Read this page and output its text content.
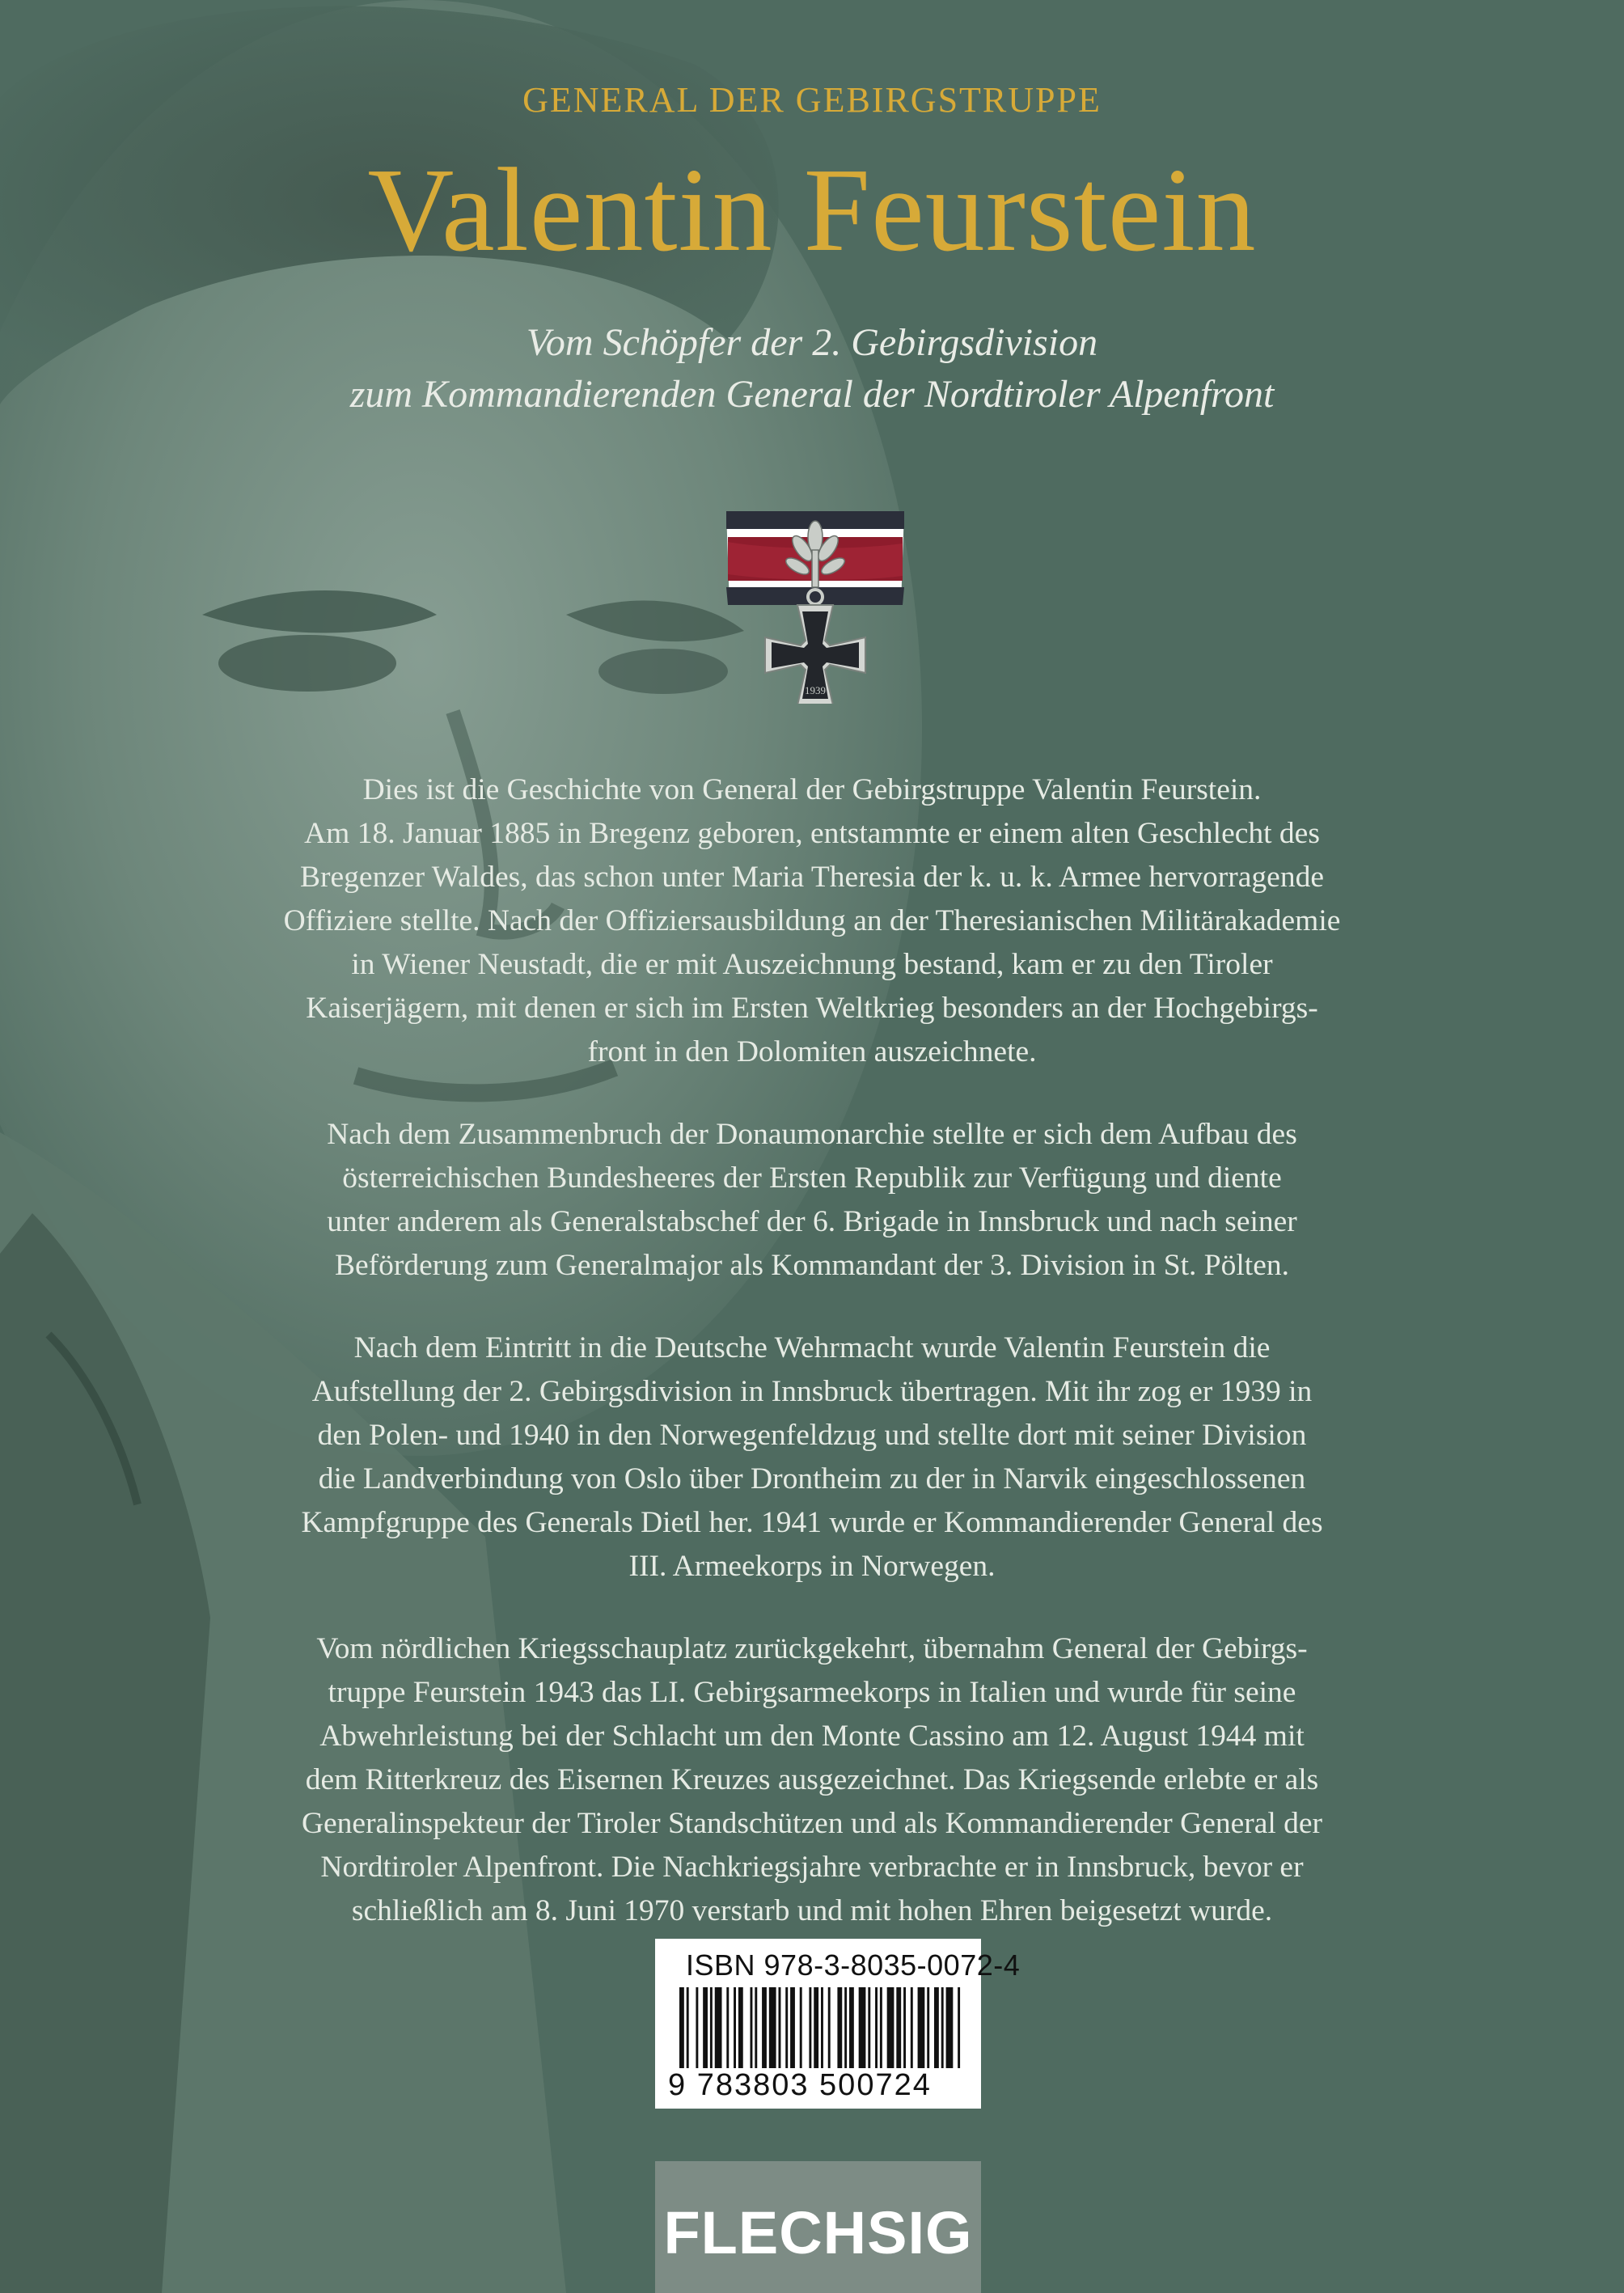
GENERAL DER GEBIRGSTRUPPE
Valentin Feurstein
Vom Schöpfer der 2. Gebirgsdivision
zum Kommandierenden General der Nordtiroler Alpenfront
1939
Dies ist die Geschichte von General der Gebirgstruppe Valentin Feurstein.
Am 18. Januar 1885 in Bregenz geboren, entstammte er einem alten Geschlecht des
Bregenzer Waldes, das schon unter Maria Theresia der k. u. k. Armee hervorragende
Offiziere stellte. Nach der Offiziersausbildung an der Theresianischen Militärakademie
in Wiener Neustadt, die er mit Auszeichnung bestand, kam er zu den Tiroler
Kaiserjägern, mit denen er sich im Ersten Weltkrieg besonders an der Hochgebirgs-
front in den Dolomiten auszeichnete.
Nach dem Zusammenbruch der Donaumonarchie stellte er sich dem Aufbau des
österreichischen Bundesheeres der Ersten Republik zur Verfügung und diente
unter anderem als Generalstabschef der 6. Brigade in Innsbruck und nach seiner
Beförderung zum Generalmajor als Kommandant der 3. Division in St. Pölten.
Nach dem Eintritt in die Deutsche Wehrmacht wurde Valentin Feurstein die
Aufstellung der 2. Gebirgsdivision in Innsbruck übertragen. Mit ihr zog er 1939 in
den Polen- und 1940 in den Norwegenfeldzug und stellte dort mit seiner Division
die Landverbindung von Oslo über Drontheim zu der in Narvik eingeschlossenen
Kampfgruppe des Generals Dietl her. 1941 wurde er Kommandierender General des
III. Armeekorps in Norwegen.
Vom nördlichen Kriegsschauplatz zurückgekehrt, übernahm General der Gebirgs-
truppe Feurstein 1943 das LI. Gebirgsarmeekorps in Italien und wurde für seine
Abwehrleistung bei der Schlacht um den Monte Cassino am 12. August 1944 mit
dem Ritterkreuz des Eisernen Kreuzes ausgezeichnet. Das Kriegsende erlebte er als
Generalinspekteur der Tiroler Standschützen und als Kommandierender General der
Nordtiroler Alpenfront. Die Nachkriegsjahre verbrachte er in Innsbruck, bevor er
schließlich am 8. Juni 1970 verstarb und mit hohen Ehren beigesetzt wurde.
ISBN 978-3-8035-0072-4
9 783803 500724
FLECHSIG
